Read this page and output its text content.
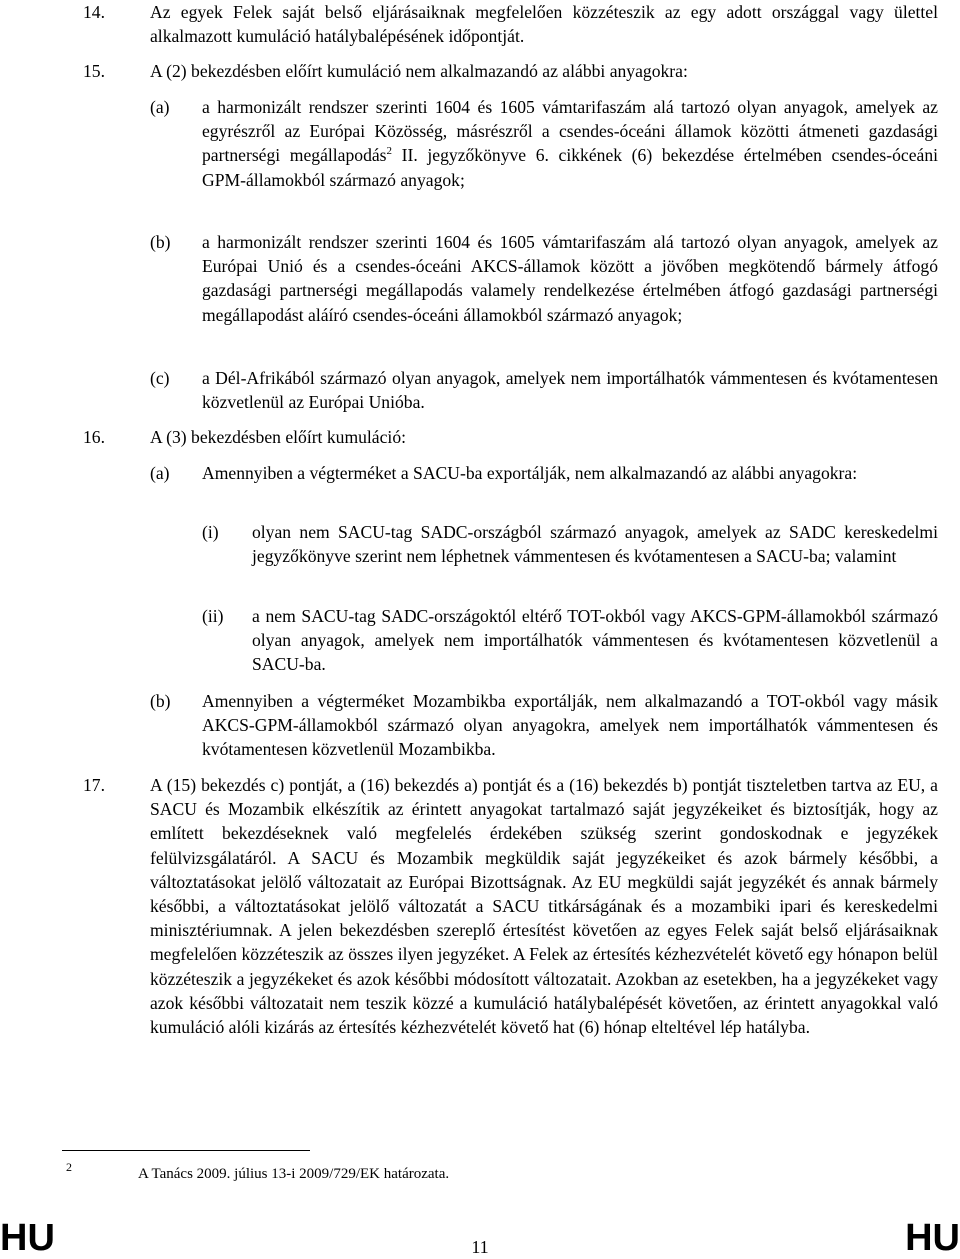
14.	Az egyek Felek saját belső eljárásaiknak megfelelően közzéteszik az egy adott országgal vagy ülettel alkalmazott kumuláció hatálybalépésének időpontját.

15.	A (2) bekezdésben előírt kumuláció nem alkalmazandó az alábbi anyagokra:

(a) a harmonizált rendszer szerinti 1604 és 1605 vámtarifaszám alá tartozó olyan anyagok, amelyek az egyrészről az Európai Közösség, másrészről a csendes-óceáni államok közötti átmeneti gazdasági partnerségi megállapodás$^2$ II. jegyzőkönyve 6. cikkének (6) bekezdése értelmében csendes-óceáni GPM-államokból származó anyagok;

(b) a harmonizált rendszer szerinti 1604 és 1605 vámtarifaszám alá tartozó olyan anyagok, amelyek az Európai Unió és a csendes-óceáni AKCS-államok között a jövőben megkötendő bármely átfogó gazdasági partnerségi megállapodás valamely rendelkezése értelmében átfogó gazdasági partnerségi megállapodást aláíró csendes-óceáni államokból származó anyagok;

(c) a Dél-Afrikából származó olyan anyagok, amelyek nem importálhatók vámmentesen és kvótamentesen közvetlenül az Európai Unióba.

16.	A (3) bekezdésben előírt kumuláció:

(a) Amennyiben a végterméket a SACU-ba exportálják, nem alkalmazandó az alábbi anyagokra:

(i) olyan nem SACU-tag SADC-országból származó anyagok, amelyek az SADC kereskedelmi jegyzőkönyve szerint nem léphetnek vámmentesen és kvótamentesen a SACU-ba; valamint

(ii) a nem SACU-tag SADC-országoktól eltérő TOT-okból vagy AKCS-GPM-államokból származó olyan anyagok, amelyek nem importálhatók vámmentesen és kvótamentesen közvetlenül a SACU-ba.

(b) Amennyiben a végterméket Mozambikba exportálják, nem alkalmazandó a TOT-okból vagy másik AKCS-GPM-államokból származó olyan anyagokra, amelyek nem importálhatók vámmentesen és kvótamentesen közvetlenül Mozambikba.

17.	A (15) bekezdés c) pontját, a (16) bekezdés a) pontját és a (16) bekezdés b) pontját tiszteletben tartva az EU, a SACU és Mozambik elkészítik az érintett anyagokat tartalmazó saját jegyzékeiket és biztosítják, hogy az említett bekezdéseknek való megfelelés érdekében szükség szerint gondoskodnak e jegyzékek felülvizsgálatáról. A SACU és Mozambik megküldik saját jegyzékeiket és azok bármely későbbi, a változtatásokat jelölő változatait az Európai Bizottságnak. Az EU megküldi saját jegyzékét és annak bármely későbbi, a változtatásokat jelölő változatát a SACU titkárságának és a mozambiki ipari és kereskedelmi minisztériumnak. A jelen bekezdésben szereplő értesítést követően az egyes Felek saját belső eljárásaiknak megfelelően közzéteszik az összes ilyen jegyzéket. A Felek az értesítés kézhezvételét követő egy hónapon belül közzéteszik a jegyzékeket és azok későbbi módosított változatait. Azokban az esetekben, ha a jegyzékeket vagy azok későbbi változatait nem teszik közzé a kumuláció hatálybalépését követően, az érintett anyagokkal való kumuláció alóli kizárás az értesítés kézhezvételét követő hat (6) hónap elteltével lép hatályba.

2	A Tanács 2009. július 13-i 2009/729/EK határozata.
HU	11	HU
